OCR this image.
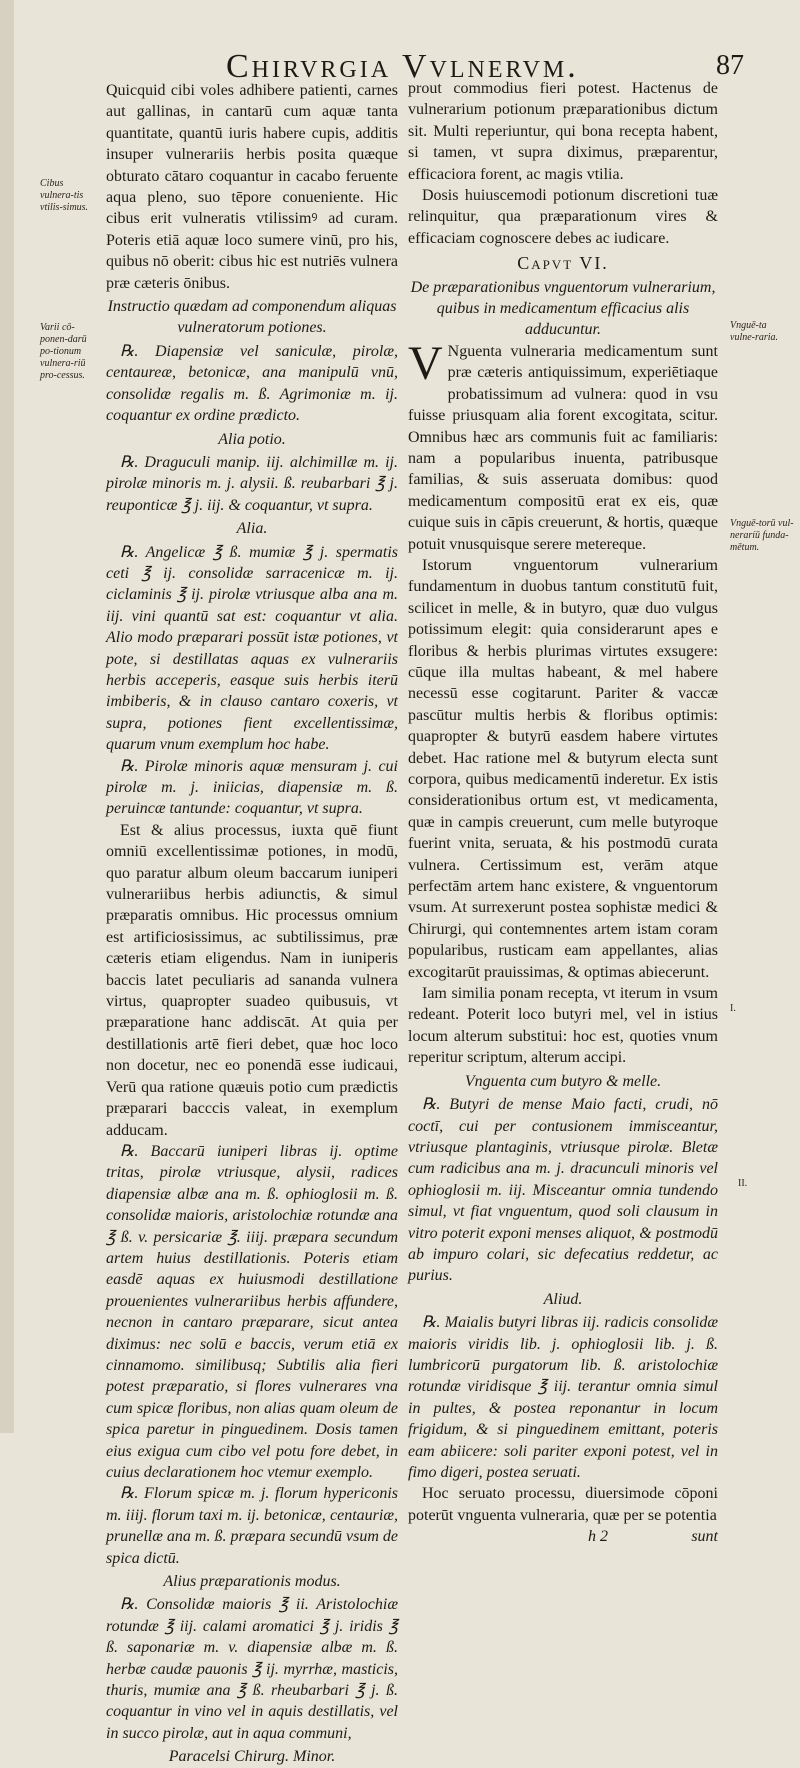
Chirvrgia Vvlnervm.	87
Cibus vulnera-tis vtilis-simus.
Varii cō-ponen-darū po-tionum vulnera-riū pro-cessus.
Vnguē-ta vulne-raria.
Vnguē-torū vul-neraríū funda-mētum.
I.
II.

Quicquid cibi voles adhibere patienti, carnes aut gallinas, in cantarū cum aquæ tanta quantitate, quantū iuris habere cupis, additis insuper vulnerariis herbis posita quæque obturato cātaro coquantur in cacabo feruente aqua pleno, suo tēpore conueniente. Hic cibus erit vulneratis vtilissimꝰ ad curam. Poteris etiā aquæ loco sumere vinū, pro his, quibus nō oberit: cibus hic est nutriēs vulnera præ cæteris ōnibus.

Instructio quædam ad componendum aliquas vulneratorum potiones.

℞. Diapensiæ vel saniculæ, pirolæ, centaureæ, betonicæ, ana manipulū vnū, consolidæ regalis m. ß. Agrimoniæ m. ij. coquantur ex ordine prædicto.

Alia potio.

℞. Draguculi manip. iij. alchimillæ m. ij. pirolæ minoris m. j. alysii. ß. reubarbari ℥ j. reuponticæ ℥ j. iij. & coquantur, vt supra.

Alia.

℞. Angelicæ ℥ ß. mumiæ ℥ j. spermatis ceti ℥ ij. consolidæ sarracenicæ m. ij. ciclaminis ℥ ij. pirolæ vtriusque alba ana m. iij. vini quantū sat est: coquantur vt alia. Alio modo præparari possūt istæ potiones, vt pote, si destillatas aquas ex vulnerariis herbis acceperis, easque suis herbis iterū imbiberis, & in clauso cantaro coxeris, vt supra, potiones fient excellentissimæ, quarum vnum exemplum hoc habe.

℞. Pirolæ minoris aquæ mensuram j. cui pirolæ m. j. iniicias, diapensiæ m. ß. peruincæ tantunde: coquantur, vt supra.

Est & alius processus, iuxta quē fiunt omniū excellentissimæ potiones, in modū, quo paratur album oleum baccarum iuniperi vulnerariibus herbis adiunctis, & simul præparatis omnibus. Hic processus omnium est artificiosissimus, ac subtilissimus, præ cæteris etiam eligendus. Nam in iuniperis baccis latet peculiaris ad sananda vulnera virtus, quapropter suadeo quibusuis, vt præparatione hanc addiscāt. At quia per destillationis artē fieri debet, quæ hoc loco non docetur, nec eo ponendā esse iudicaui, Verū qua ratione quæuis potio cum prædictis præparari bacccis valeat, in exemplum adducam.

℞. Baccarū iuniperi libras ij. optime tritas, pirolæ vtriusque, alysii, radices diapensiæ albæ ana m. ß. ophioglosii m. ß. consolidæ maioris, aristolochiæ rotundæ ana ℥ ß. v. persicariæ ℥. iiij. præpara secundum artem huius destillationis. Poteris etiam easdē aquas ex huiusmodi destillatione prouenientes vulnerariibus herbis affundere, necnon in cantaro præparare, sicut antea diximus: nec solū e baccis, verum etiā ex cinnamomo. similibusq; Subtilis alia fieri potest præparatio, si flores vulnerares vna cum spicæ floribus, non alias quam oleum de spica paretur in pinguedinem. Dosis tamen eius exigua cum cibo vel potu fore debet, in cuius declarationem hoc vtemur exemplo.

℞. Florum spicæ m. j. florum hypericonis m. iiij. florum taxi m. ij. betonicæ, centauriæ, prunellæ ana m. ß. præpara secundū vsum de spica dictū.

Alius præparationis modus.

℞. Consolidæ maioris ℥ ii. Aristolochiæ rotundæ ℥ iij. calami aromatici ℥ j. iridis ℥ ß. saponariæ m. v. diapensiæ albæ m. ß. herbæ caudæ pauonis ℥ ij. myrrhæ, masticis, thuris, mumiæ ana ℥ ß. rheubarbari ℥ j. ß. coquantur in vino vel in aquis destillatis, vel in succo pirolæ, aut in aqua communi,

Paracelsi Chirurg. Minor.

prout commodius fieri potest. Hactenus de vulnerarium potionum præparationibus dictum sit. Multi reperiuntur, qui bona recepta habent, si tamen, vt supra diximus, præparentur, efficaciora forent, ac magis vtilia.

Dosis huiuscemodi potionum discretioni tuæ relinquitur, qua præparationum vires & efficaciam cognoscere debes ac iudicare.

Capvt VI.

De præparationibus vnguentorum vulnerarium, quibus in medicamentum efficacius alis adducuntur.

V Nguenta vulneraria medicamentum sunt præ cæteris antiquissimum, experiētiaque probatissimum ad vulnera: quod in vsu fuisse priusquam alia forent excogitata, scitur. Omnibus hæc ars communis fuit ac familiaris: nam a popularibus inuenta, patribusque familias, & suis asseruata domibus: quod medicamentum compositū erat ex eis, quæ cuique suis in cāpis creuerunt, & hortis, quæque potuit vnusquisque serere metereque.

Istorum vnguentorum vulnerarium fundamentum in duobus tantum constitutū fuit, scilicet in melle, & in butyro, quæ duo vulgus potissimum elegit: quia considerarunt apes e floribus & herbis plurimas virtutes exsugere: cūque illa multas habeant, & mel habere necessū esse cogitarunt. Pariter & vaccæ pascūtur multis herbis & floribus optimis: quapropter & butyrū easdem habere virtutes debet. Hac ratione mel & butyrum electa sunt corpora, quibus medicamentū inderetur. Ex istis considerationibus ortum est, vt medicamenta, quæ in campis creuerunt, cum melle butyroque fuerint vnita, seruata, & his postmodū curata vulnera. Certissimum est, verām atque perfectām artem hanc existere, & vnguentorum vsum. At surrexerunt postea sophistæ medici & Chirurgi, qui contemnentes artem istam coram popularibus, rusticam eam appellantes, alias excogitarūt prauissimas, & optimas abiecerunt.

Iam similia ponam recepta, vt iterum in vsum redeant. Poterit loco butyri mel, vel in istius locum alterum substitui: hoc est, quoties vnum reperitur scriptum, alterum accipi.

Vnguenta cum butyro & melle.

℞. Butyri de mense Maio facti, crudi, nō coctī, cui per contusionem immisceantur, vtriusque plantaginis, vtriusque pirolæ. Bletæ cum radicibus ana m. j. dracunculi minoris vel ophioglosii m. iij. Misceantur omnia tundendo simul, vt fiat vnguentum, quod soli clausum in vitro poterit exponi menses aliquot, & postmodū ab impuro colari, sic defecatius reddetur, ac purius.

Aliud.

℞. Maialis butyri libras iij. radicis consolidæ maioris viridis lib. j. ophioglosii lib. j. ß. lumbricorū purgatorum lib. ß. aristolochiæ rotundæ viridisque ℥ iij. terantur omnia simul in pultes, & postea reponantur in locum frigidum, & si pinguedinem emittant, poteris eam abiicere: soli pariter exponi potest, vel in fimo digeri, postea seruati.

Hoc seruato processu, diuersimode cōponi poterūt vnguenta vulneraria, quæ per se potentia

h 2	sunt
